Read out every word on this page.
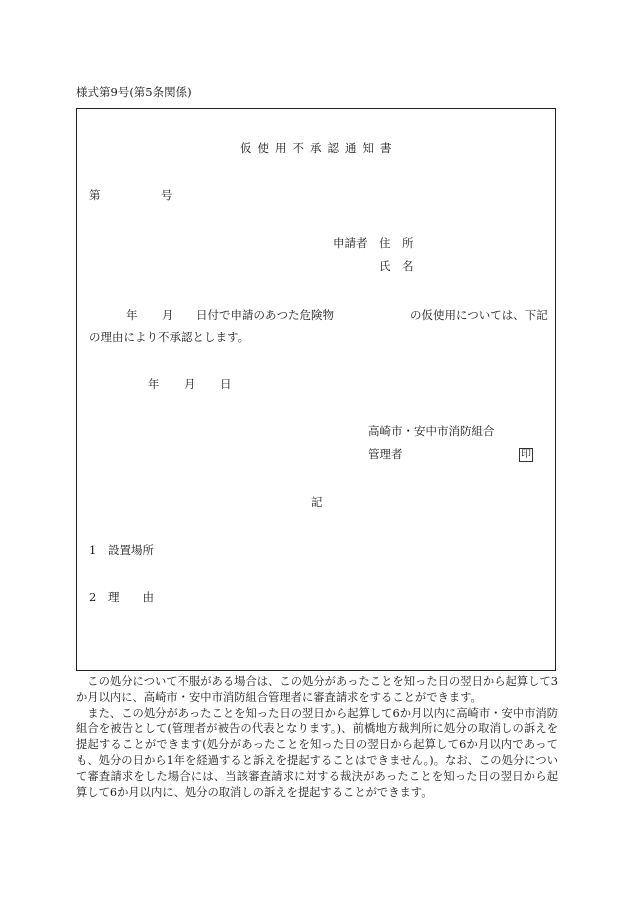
様式第9号(第5条関係)
仮使用不承認通知書
第	号
申請者 住　所
氏　名
年 月 日付で申請のあつた危険物	の仮使用については、下記
の理由により不承認とします。
年 月 日
高崎市・安中市消防組合
管理者	印
記
1 設置場所
2 理　　由

この処分について不服がある場合は、この処分があったことを知った日の翌日から起算して3か月以内に、高崎市・安中市消防組合管理者に審査請求をすることができます。

また、この処分があったことを知った日の翌日から起算して6か月以内に高崎市・安中市消防組合を被告として(管理者が被告の代表となります。)、前橋地方裁判所に処分の取消しの訴えを提起することができます(処分があったことを知った日の翌日から起算して6か月以内であっても、処分の日から1年を経過すると訴えを提起することはできません。)。なお、この処分について審査請求をした場合には、当該審査請求に対する裁決があったことを知った日の翌日から起算して6か月以内に、処分の取消しの訴えを提起することができます。
